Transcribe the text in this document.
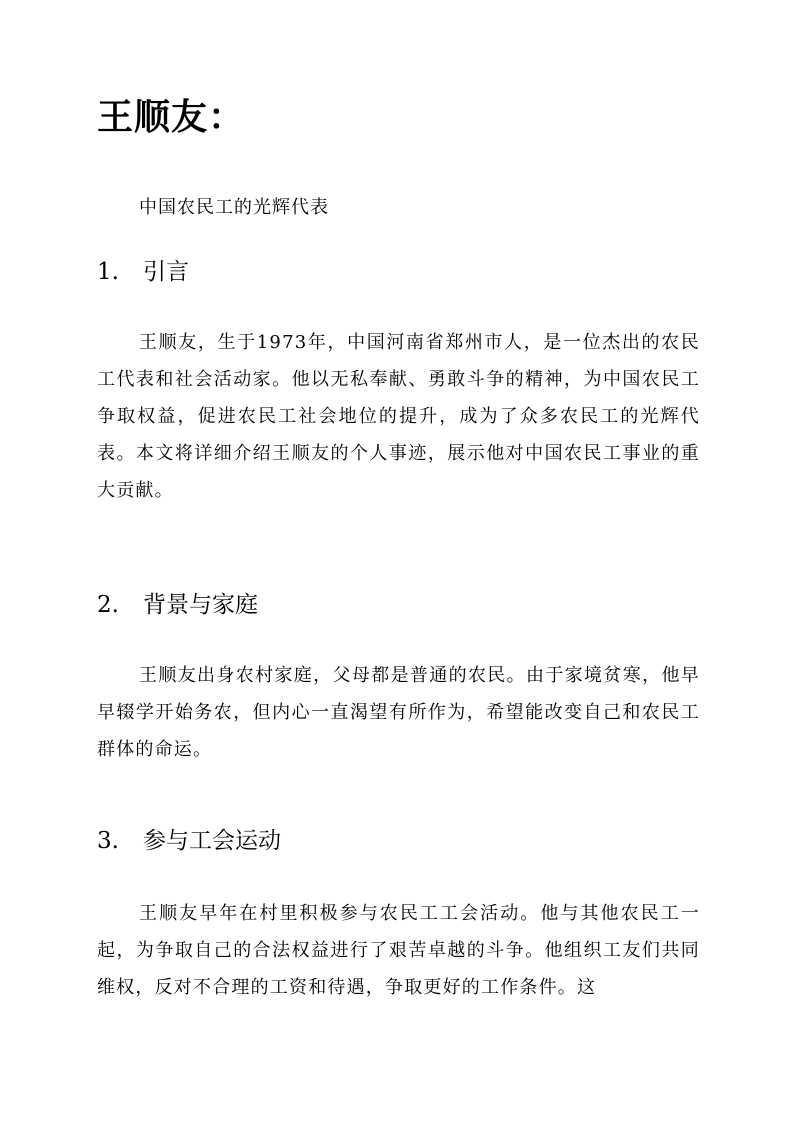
王顺友：

中国农民工的光辉代表

1. 引言

王顺友，生于1973年，中国河南省郑州市人，是一位杰出的农民工代表和社会活动家。他以无私奉献、勇敢斗争的精神，为中国农民工争取权益，促进农民工社会地位的提升，成为了众多农民工的光辉代表。本文将详细介绍王顺友的个人事迹，展示他对中国农民工事业的重大贡献。

2. 背景与家庭

王顺友出身农村家庭，父母都是普通的农民。由于家境贫寒，他早早辍学开始务农，但内心一直渴望有所作为，希望能改变自己和农民工群体的命运。

3. 参与工会运动

王顺友早年在村里积极参与农民工工会活动。他与其他农民工一起，为争取自己的合法权益进行了艰苦卓越的斗争。他组织工友们共同维权，反对不合理的工资和待遇，争取更好的工作条件。这
